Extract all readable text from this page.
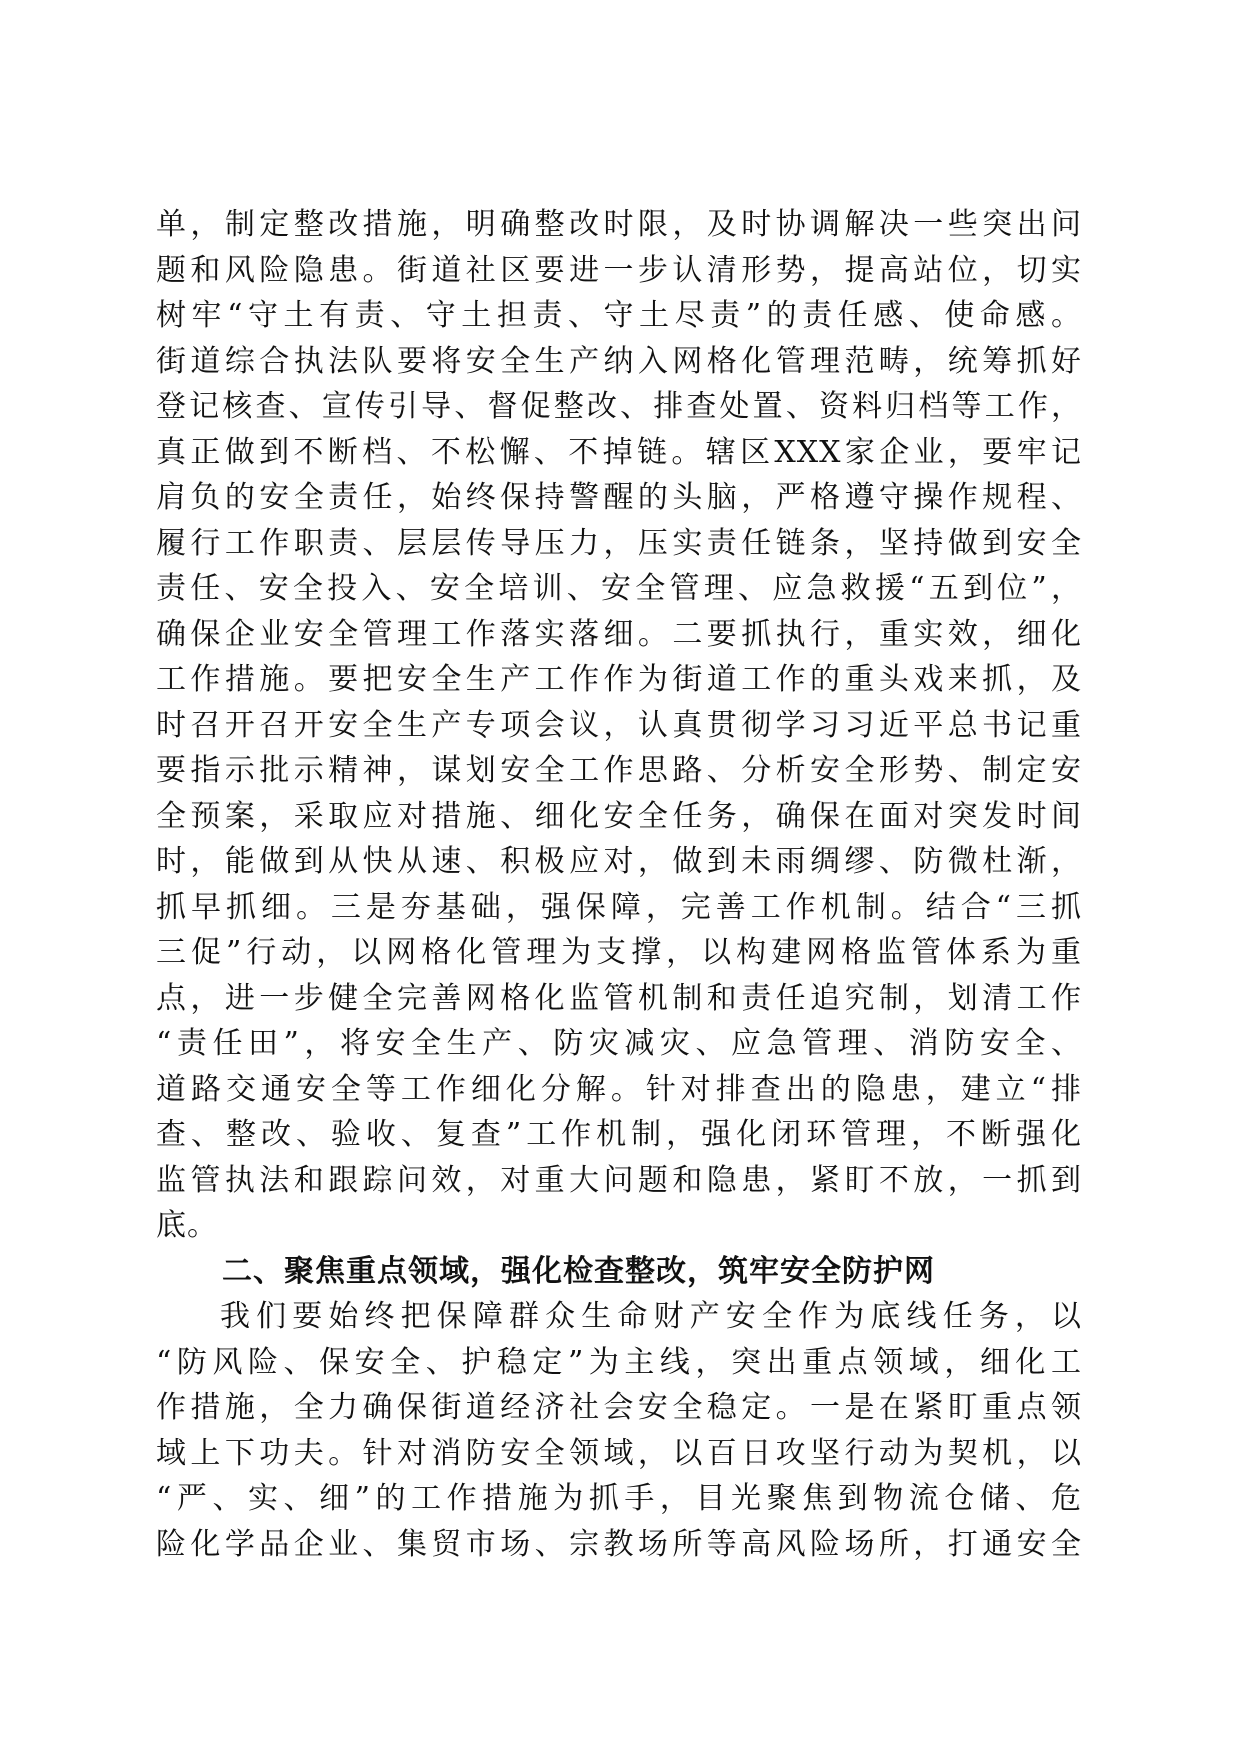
单，制定整改措施，明确整改时限，及时协调解决一些突出问
题和风险隐患。街道社区要进一步认清形势，提高站位，切实
树牢“守土有责、守土担责、守土尽责”的责任感、使命感。
街道综合执法队要将安全生产纳入网格化管理范畴，统筹抓好
登记核查、宣传引导、督促整改、排查处置、资料归档等工作，
真正做到不断档、不松懈、不掉链。辖区XXX家企业，要牢记
肩负的安全责任，始终保持警醒的头脑，严格遵守操作规程、
履行工作职责、层层传导压力，压实责任链条，坚持做到安全
责任、安全投入、安全培训、安全管理、应急救援“五到位”，
确保企业安全管理工作落实落细。二要抓执行，重实效，细化
工作措施。要把安全生产工作作为街道工作的重头戏来抓，及
时召开召开安全生产专项会议，认真贯彻学习习近平总书记重
要指示批示精神，谋划安全工作思路、分析安全形势、制定安
全预案，采取应对措施、细化安全任务，确保在面对突发时间
时，能做到从快从速、积极应对，做到未雨绸缪、防微杜渐，
抓早抓细。三是夯基础，强保障，完善工作机制。结合“三抓
三促”行动，以网格化管理为支撑，以构建网格监管体系为重
点，进一步健全完善网格化监管机制和责任追究制，划清工作
“责任田”，将安全生产、防灾减灾、应急管理、消防安全、
道路交通安全等工作细化分解。针对排查出的隐患，建立“排
查、整改、验收、复查”工作机制，强化闭环管理，不断强化
监管执法和跟踪问效，对重大问题和隐患，紧盯不放，一抓到
底。
二、聚焦重点领域，强化检查整改，筑牢安全防护网
我们要始终把保障群众生命财产安全作为底线任务，以
“防风险、保安全、护稳定”为主线，突出重点领域，细化工
作措施，全力确保街道经济社会安全稳定。一是在紧盯重点领
域上下功夫。针对消防安全领域，以百日攻坚行动为契机，以
“严、实、细”的工作措施为抓手，目光聚焦到物流仓储、危
险化学品企业、集贸市场、宗教场所等高风险场所，打通安全
